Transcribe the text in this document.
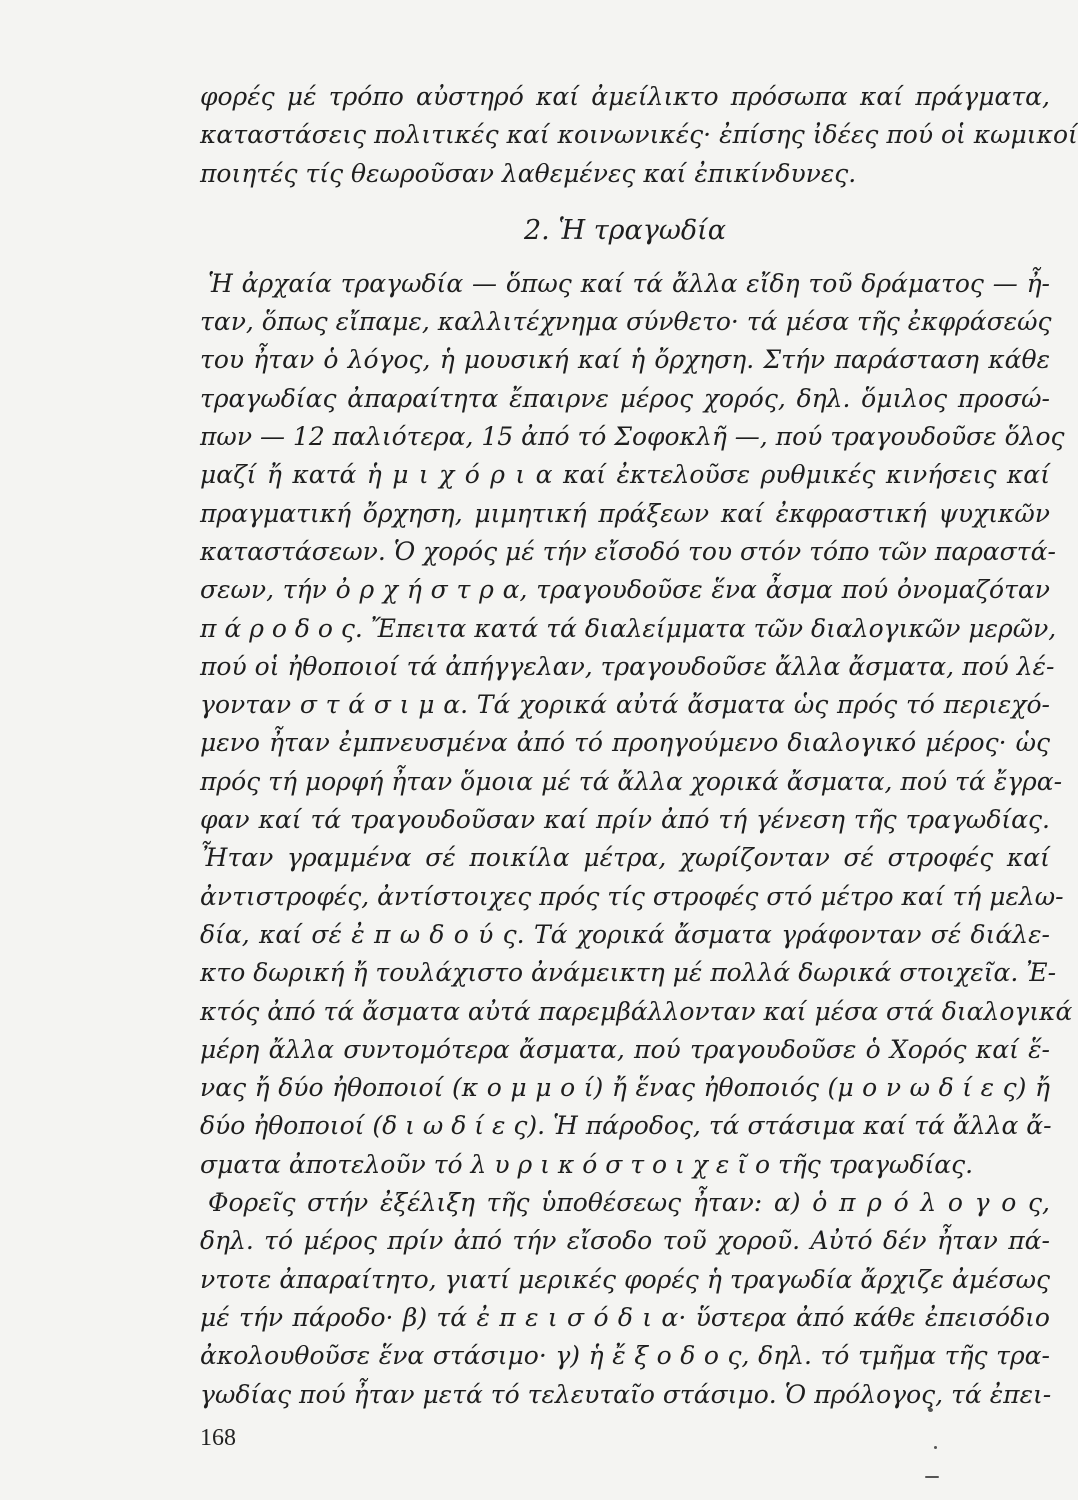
φορές μέ τρόπο αὐστηρό καί ἀμείλικτο πρόσωπα καί πράγματα,
καταστάσεις πολιτικές καί κοινωνικές· ἐπίσης ἰδέες πού οἱ κωμικοί
ποιητές τίς θεωροῦσαν λαθεμένες καί ἐπικίνδυνες.
2. Ἡ τραγωδία
Ἡ ἀρχαία τραγωδία — ὅπως καί τά ἄλλα εἴδη τοῦ δράματος — ἦ-
ταν, ὅπως εἴπαμε, καλλιτέχνημα σύνθετο· τά μέσα τῆς ἐκφράσεώς
του ἦταν ὁ λόγος, ἡ μουσική καί ἡ ὄρχηση. Στήν παράσταση κάθε
τραγωδίας ἀπαραίτητα ἔπαιρνε μέρος χορός, δηλ. ὅμιλος προσώ-
πων — 12 παλιότερα, 15 ἀπό τό Σοφοκλῆ —, πού τραγουδοῦσε ὅλος
μαζί ἤ κατά ἡ μ ι χ ό ρ ι α καί ἐκτελοῦσε ρυθμικές κινήσεις καί
πραγματική ὄρχηση, μιμητική πράξεων καί ἐκφραστική ψυχικῶν
καταστάσεων. Ὁ χορός μέ τήν εἴσοδό του στόν τόπο τῶν παραστά-
σεων, τήν ὀ ρ χ ή σ τ ρ α, τραγουδοῦσε ἕνα ἆσμα πού ὀνομαζόταν
π ά ρ ο δ ο ς. Ἔπειτα κατά τά διαλείμματα τῶν διαλογικῶν μερῶν,
πού οἱ ἠθοποιοί τά ἀπήγγελαν, τραγουδοῦσε ἄλλα ἄσματα, πού λέ-
γονταν σ τ ά σ ι μ α. Τά χορικά αὐτά ἄσματα ὡς πρός τό περιεχό-
μενο ἦταν ἐμπνευσμένα ἀπό τό προηγούμενο διαλογικό μέρος· ὡς
πρός τή μορφή ἦταν ὅμοια μέ τά ἄλλα χορικά ἄσματα, πού τά ἔγρα-
φαν καί τά τραγουδοῦσαν καί πρίν ἀπό τή γένεση τῆς τραγωδίας.
Ἦταν γραμμένα σέ ποικίλα μέτρα, χωρίζονταν σέ στροφές καί
ἀντιστροφές, ἀντίστοιχες πρός τίς στροφές στό μέτρο καί τή μελω-
δία, καί σέ ἐ π ω δ ο ύ ς. Τά χορικά ἄσματα γράφονταν σέ διάλε-
κτο δωρική ἤ τουλάχιστο ἀνάμεικτη μέ πολλά δωρικά στοιχεῖα. Ἐ-
κτός ἀπό τά ἄσματα αὐτά παρεμβάλλονταν καί μέσα στά διαλογικά
μέρη ἄλλα συντομότερα ἄσματα, πού τραγουδοῦσε ὁ Χορός καί ἕ-
νας ἤ δύο ἠθοποιοί (κ ο μ μ ο ί) ἤ ἕνας ἠθοποιός (μ ο ν ω δ ί ε ς) ἤ
δύο ἠθοποιοί (δ ι ω δ ί ε ς). Ἡ πάροδος, τά στάσιμα καί τά ἄλλα ἄ-
σματα ἀποτελοῦν τό λ υ ρ ι κ ό σ τ ο ι χ ε ῖ ο τῆς τραγωδίας.
Φορεῖς στήν ἐξέλιξη τῆς ὑποθέσεως ἦταν: α) ὁ π ρ ό λ ο γ ο ς,
δηλ. τό μέρος πρίν ἀπό τήν εἴσοδο τοῦ χοροῦ. Αὐτό δέν ἦταν πά-
ντοτε ἀπαραίτητο, γιατί μερικές φορές ἡ τραγωδία ἄρχιζε ἀμέσως
μέ τήν πάροδο· β) τά ἐ π ε ι σ ό δ ι α· ὕστερα ἀπό κάθε ἐπεισόδιο
ἀκολουθοῦσε ἕνα στάσιμο· γ) ἡ ἔ ξ ο δ ο ς, δηλ. τό τμῆμα τῆς τρα-
γωδίας πού ἦταν μετά τό τελευταῖο στάσιμο. Ὁ πρόλογος, τά ἐπει-
168
